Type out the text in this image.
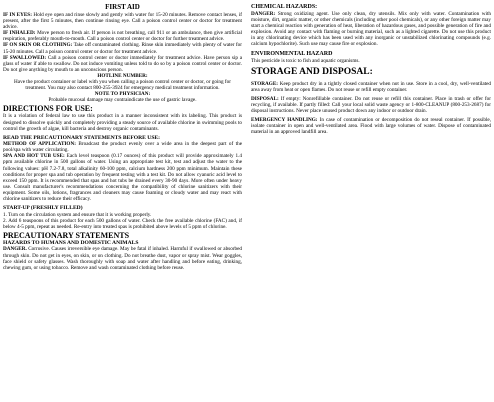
FIRST AID

IF IN EYES: Hold eye open and rinse slowly and gently with water for 15-20 minutes. Remove contact lenses, if present, after the first 5 minutes, then continue rinsing eye. Call a poison control center or doctor for treatment advice.

IF INHALED: Move person to fresh air. If person is not breathing, call 911 or an ambulance, then give artificial respiration, preferably mouth-to-mouth. Call a poison control center or doctor for further treatment advice.

IF ON SKIN OR CLOTHING: Take off contaminated clothing. Rinse skin immediately with plenty of water for 15-20 minutes. Call a poison control center or doctor for treatment advice.

IF SWALLOWED: Call a poison control center or doctor immediately for treatment advice. Have person sip a glass of water if able to swallow. Do not induce vomiting unless told to do so by a poison control center or doctor. Do not give anything by mouth to an unconscious person.

HOTLINE NUMBER:

Have the product container or label with you when calling a poison control center or doctor, or going for treatment. You may also contact 800-255-3924 for emergency medical treatment information.

NOTE TO PHYSICIAN:

Probable mucosal damage may contraindicate the use of gastric lavage.

DIRECTIONS FOR USE:

It is a violation of federal law to use this product in a manner inconsistent with its labeling. This product is designed to dissolve quickly and completely providing a steady source of available chlorine in swimming pools to control the growth of algae, kill bacteria and destroy organic contaminants.

READ THE PRECAUTIONARY STATEMENTS BEFORE USE:

METHOD OF APPLICATION: Broadcast the product evenly over a wide area in the deepest part of the pool/spa with water circulating.

SPA AND HOT TUB USE: Each level teaspoon (0.17 ounces) of this product will provide approximately 1.4 ppm available chlorine in 500 gallons of water. Using an appropriate test kit, test and adjust the water to the following values: pH 7.2-7.8, total alkalinity 60-100 ppm, calcium hardness 200 ppm minimum. Maintain these conditions for proper spa and tub operation by frequent testing with a test kit. Do not allow cyanuric acid level to exceed 150 ppm. It is recommended that spas and hot tubs be drained every 30-90 days. More often under heavy use. Consult manufacturer's recommendations concerning the compatibility of chlorine sanitizers with their equipment. Some oils, lotions, fragrances and cleaners may cause foaming or cloudy water and may react with chlorine sanitizers to reduce their efficacy.

START-UP (FRESHLY FILLED)

1. Turn on the circulation system and ensure that it is working properly.

2. Add 6 teaspoons of this product for each 500 gallons of water. Check the free available chlorine (FAC) and, if below 4-5 ppm, repeat as needed. Re-entry into treated spas is prohibited above levels of 5 ppm of chlorine.

PRECAUTIONARY STATEMENTS
HAZARDS TO HUMANS AND DOMESTIC ANIMALS

DANGER. Corrosive. Causes irreversible eye damage. May be fatal if inhaled. Harmful if swallowed or absorbed through skin. Do not get in eyes, on skin, or on clothing. Do not breathe dust, vapor or spray mist. Wear goggles, face shield or safety glasses. Wash thoroughly with soap and water after handling and before eating, drinking, chewing gum, or using tobacco. Remove and wash contaminated clothing before reuse.

CHEMICAL HAZARDS:

DANGER: Strong oxidizing agent. Use only clean, dry utensils. Mix only with water. Contamination with moisture, dirt, organic matter, or other chemicals (including other pool chemicals), or any other foreign matter may start a chemical reaction with generation of heat, liberation of hazardous gases, and possible generation of fire and explosion. Avoid any contact with flaming or burning material, such as a lighted cigarette. Do not use this product in any chlorinating device which has been used with any inorganic or unstabilized chlorinating compounds (e.g. calcium hypochlorite). Such use may cause fire or explosion.

ENVIRONMENTAL HAZARD

This pesticide is toxic to fish and aquatic organisms.

STORAGE AND DISPOSAL:

STORAGE: Keep product dry in a tightly closed container when not in use. Store in a cool, dry, well-ventilated area away from heat or open flames. Do not reuse or refill empty container.

DISPOSAL: If empty: Nonrefillable container. Do not reuse or refill this container. Place in trash or offer for recycling, if available. If partly filled: Call your local solid waste agency or 1-800-CLEANUP (800-253-2687) for disposal instructions. Never place unused product down any indoor or outdoor drain.

EMERGENCY HANDLING: In case of contamination or decomposition do not reseal container. If possible, isolate container in open and well-ventilated area. Flood with large volumes of water. Dispose of contaminated material in an approved landfill area.
